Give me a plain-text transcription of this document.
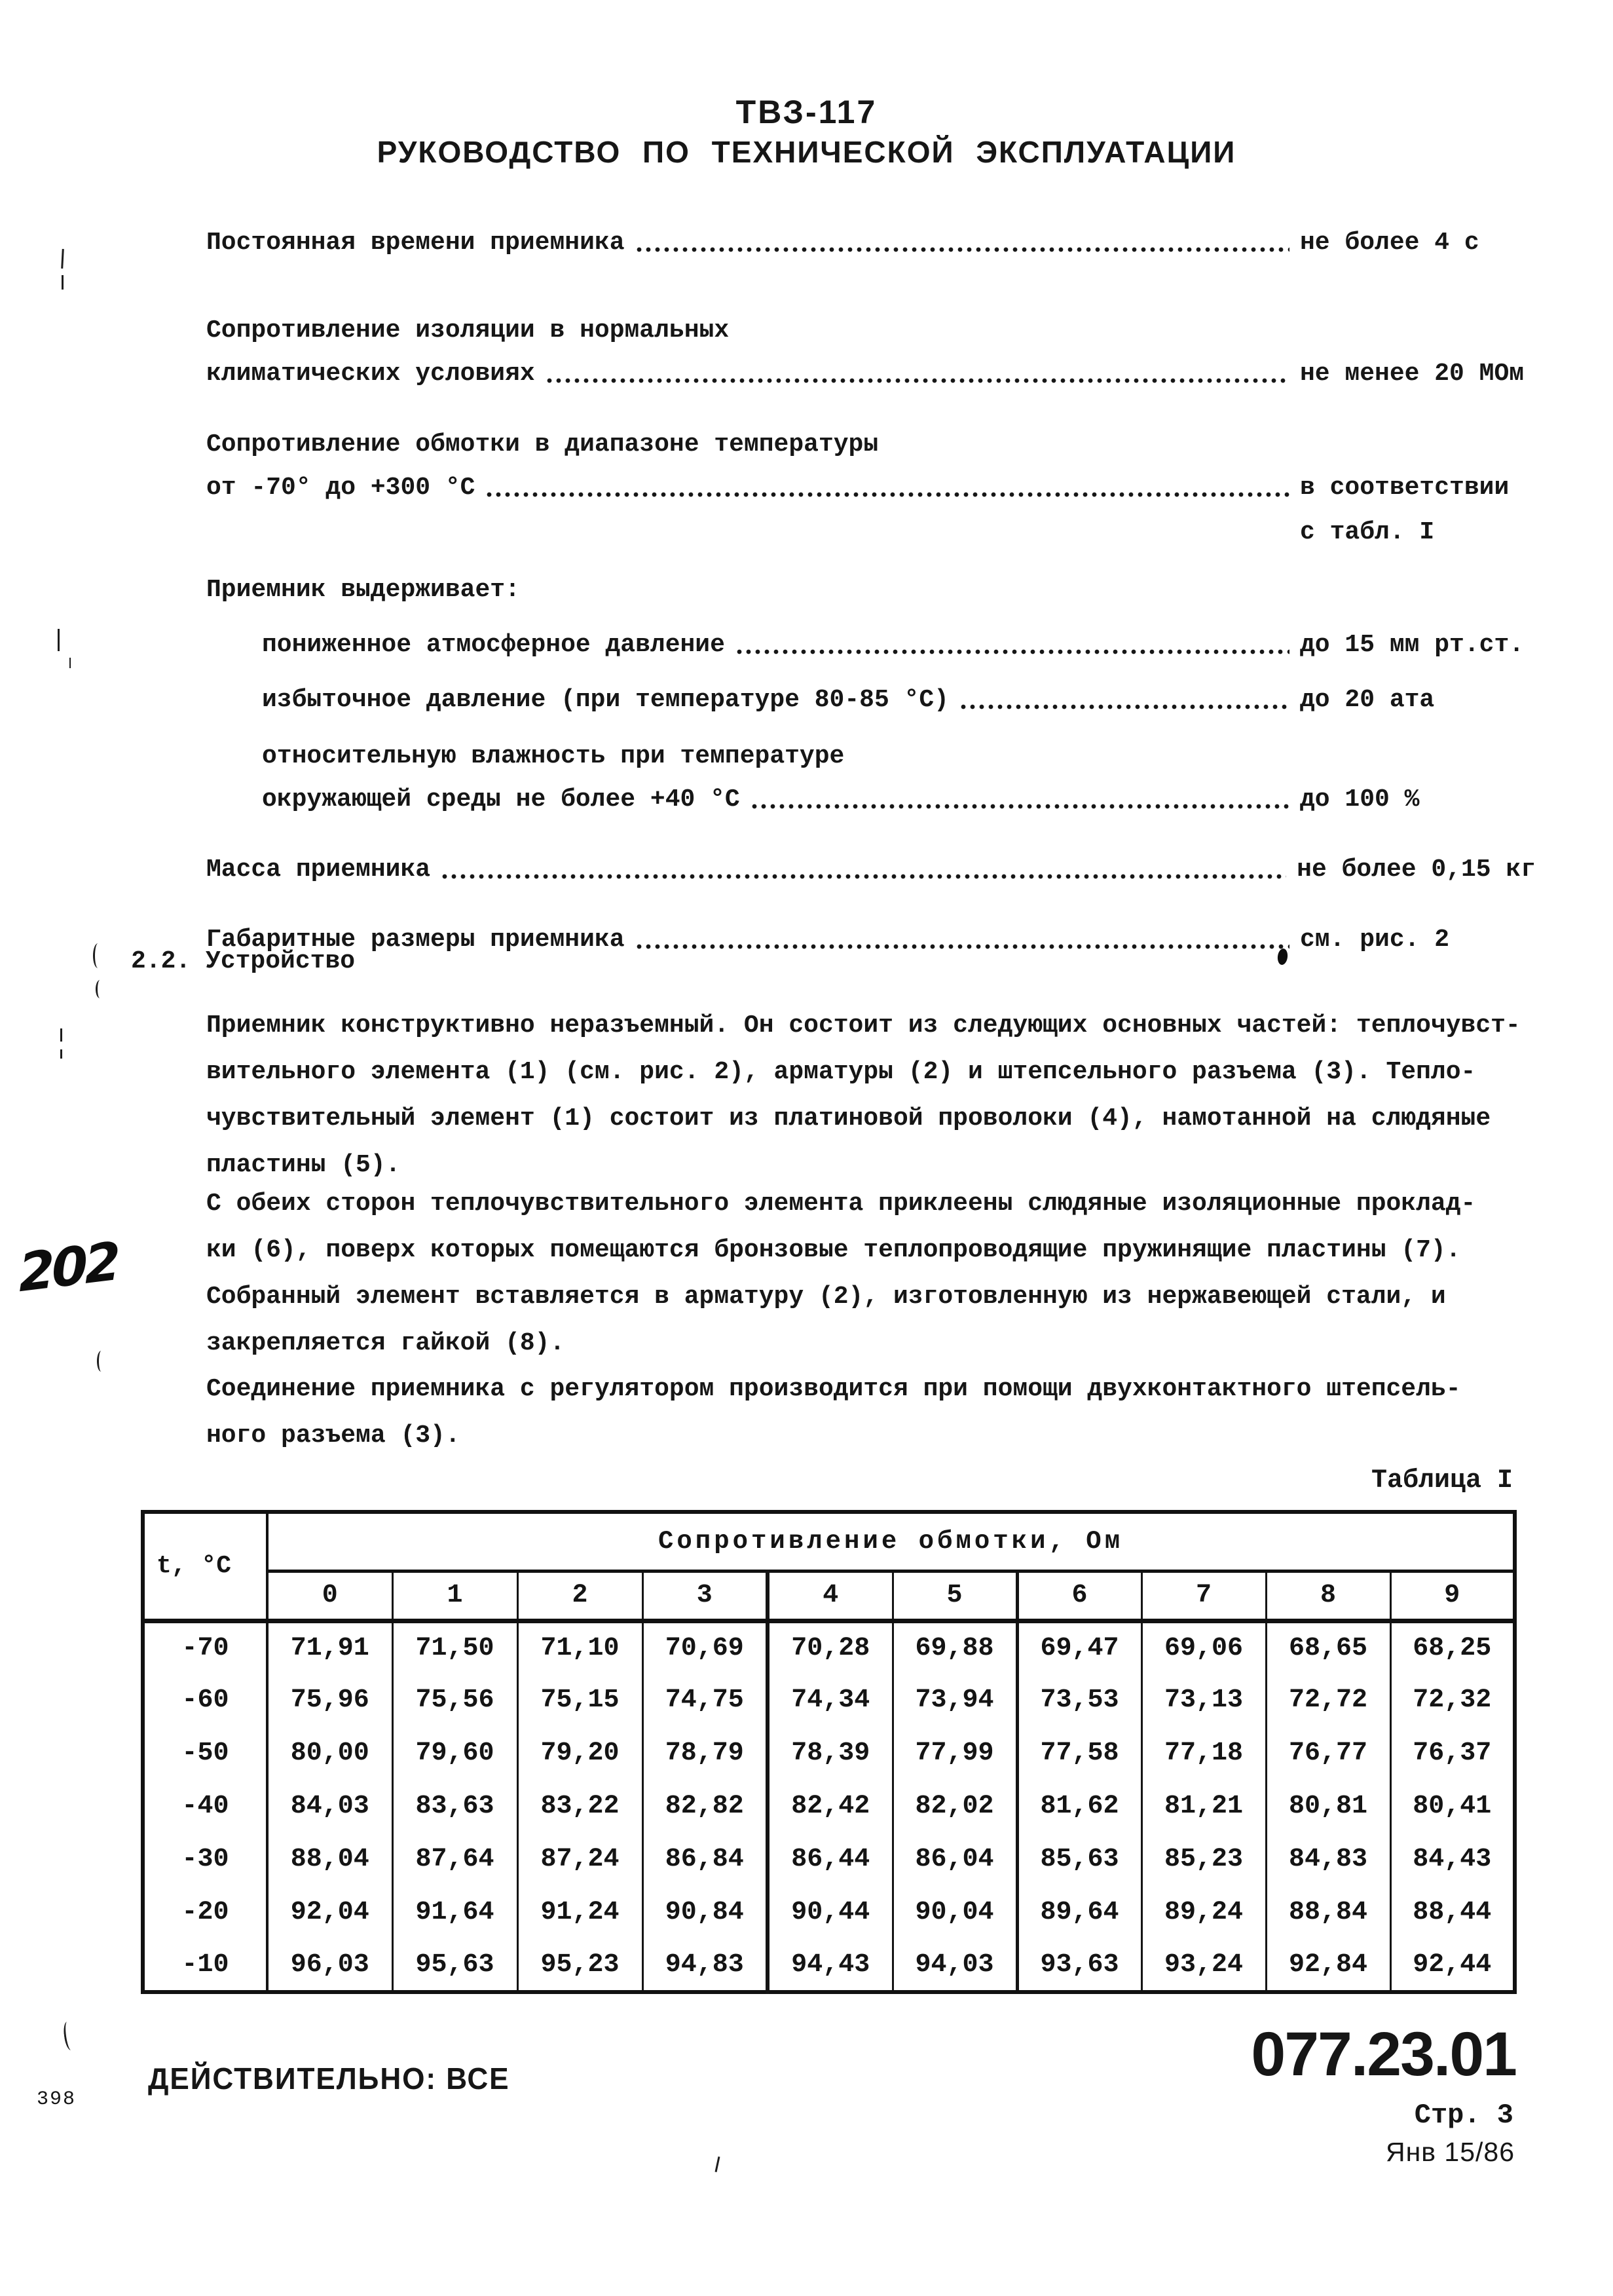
ТВЗ-117
РУКОВОДСТВО ПО ТЕХНИЧЕСКОЙ ЭКСПЛУАТАЦИИ
Постоянная времени приемника	не более 4 с
Сопротивление изоляции в нормальных
климатических условиях	не менее 20 МОм
Сопротивление обмотки в диапазоне температуры
от -70° до +300 °С	в соответствии
с табл. I
Приемник выдерживает:
пониженное атмосферное давление	до 15 мм рт.ст.
избыточное давление (при температуре 80-85 °С)	до 20 ата
относительную влажность при температуре
окружающей среды не более +40 °С	до 100 %
Масса приемника	не более 0,15 кг
Габаритные размеры приемника	см. рис. 2
2.2. Устройство
Приемник конструктивно неразъемный. Он состоит из следующих основных частей: теплочувст-
вительного элемента (1) (см. рис. 2), арматуры (2) и штепсельного разъема (3). Тепло-
чувствительный элемент (1) состоит из платиновой проволоки (4), намотанной на слюдяные
пластины (5).
С обеих сторон теплочувствительного элемента приклеены слюдяные изоляционные проклад-
ки (6), поверх которых помещаются бронзовые теплопроводящие пружинящие пластины (7).
Собранный элемент вставляется в арматуру (2), изготовленную из нержавеющей стали, и
закрепляется гайкой (8).
Соединение приемника с регулятором производится при помощи двухконтактного штепсель-
ного разъема (3).
Таблица I
t, °С	Сопротивление обмотки, Ом									
	0	1	2	3	4	5	6	7	8	9
-70	71,91	71,50	71,10	70,69	70,28	69,88	69,47	69,06	68,65	68,25
-60	75,96	75,56	75,15	74,75	74,34	73,94	73,53	73,13	72,72	72,32
-50	80,00	79,60	79,20	78,79	78,39	77,99	77,58	77,18	76,77	76,37
-40	84,03	83,63	83,22	82,82	82,42	82,02	81,62	81,21	80,81	80,41
-30	88,04	87,64	87,24	86,84	86,44	86,04	85,63	85,23	84,83	84,43
-20	92,04	91,64	91,24	90,84	90,44	90,04	89,64	89,24	88,84	88,44
-10	96,03	95,63	95,23	94,83	94,43	94,03	93,63	93,24	92,84	92,44
ДЕЙСТВИТЕЛЬНО: ВСЕ	077.23.01
Стр. 3
Янв 15/86
398
202
